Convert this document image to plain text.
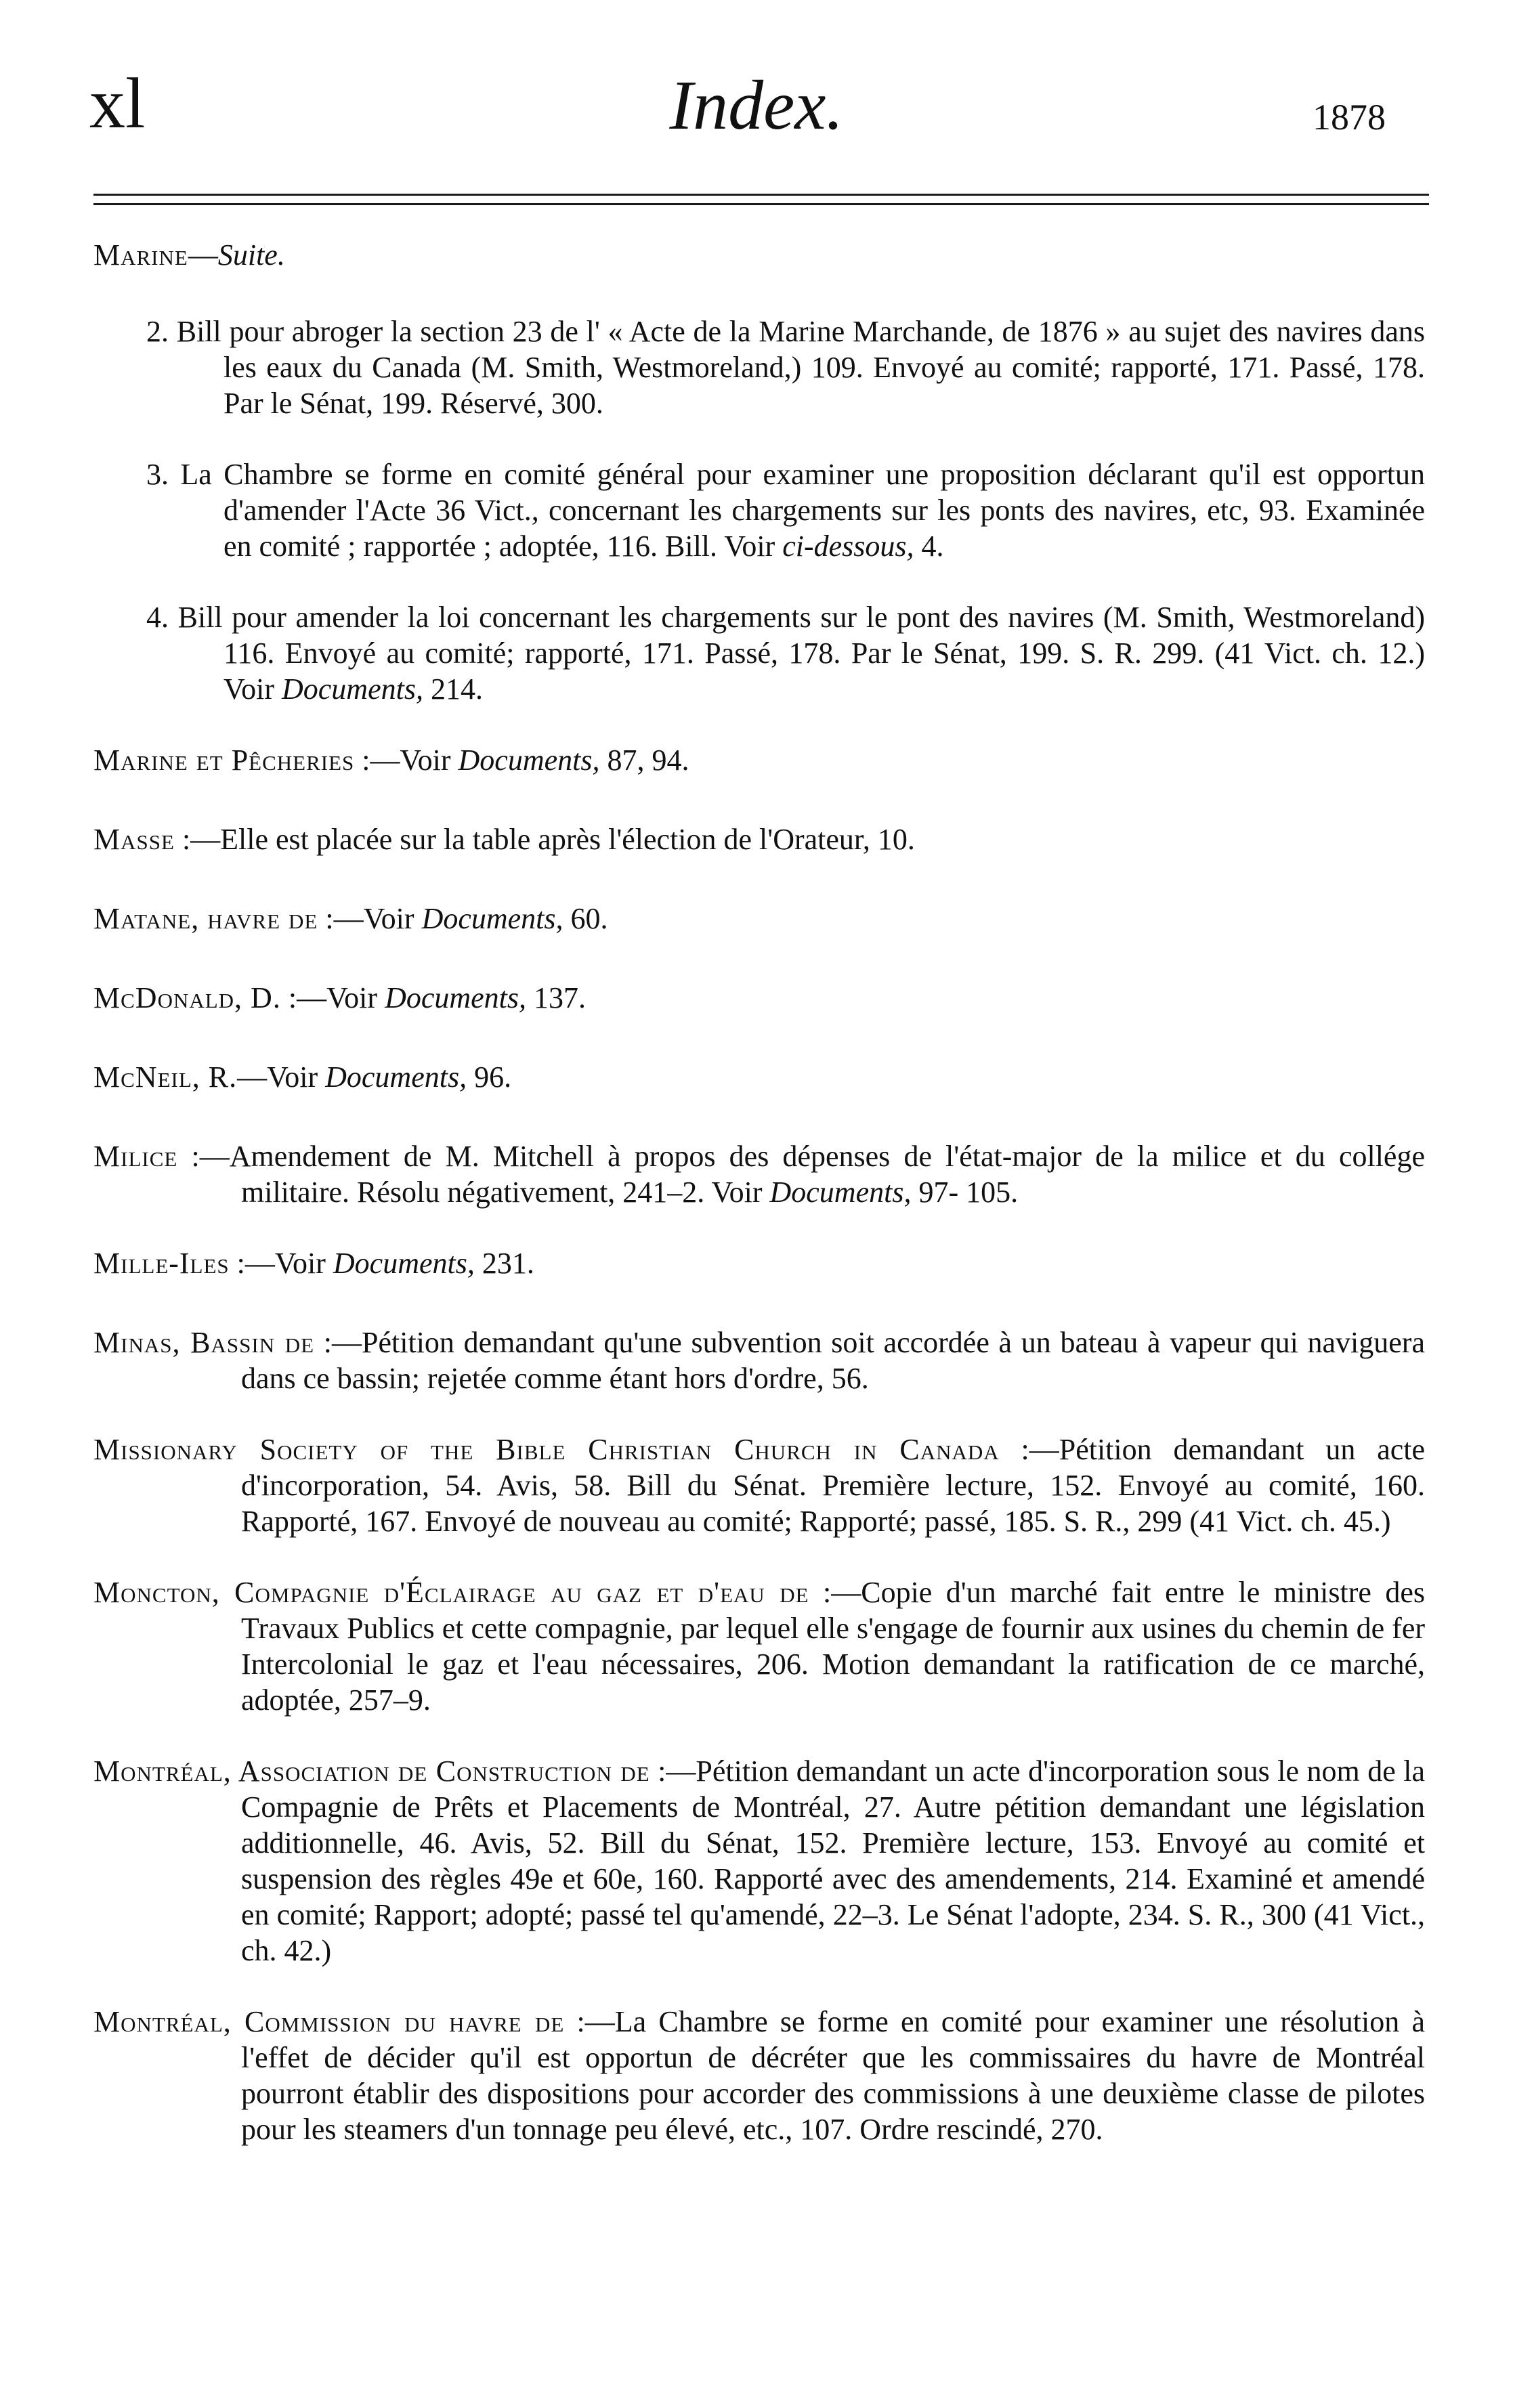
xl	Index.	1878

Marine—Suite.

2. Bill pour abroger la section 23 de l' « Acte de la Marine Marchande, de 1876 » au sujet des navires dans les eaux du Canada (M. Smith, Westmoreland,) 109. Envoyé au comité; rapporté, 171. Passé, 178. Par le Sénat, 199. Réservé, 300.

3. La Chambre se forme en comité général pour examiner une proposition déclarant qu'il est opportun d'amender l'Acte 36 Vict., concernant les chargements sur les ponts des navires, etc, 93. Examinée en comité ; rapportée ; adoptée, 116. Bill. Voir ci-dessous, 4.

4. Bill pour amender la loi concernant les chargements sur le pont des navires (M. Smith, Westmoreland) 116. Envoyé au comité; rapporté, 171. Passé, 178. Par le Sénat, 199. S. R. 299. (41 Vict. ch. 12.) Voir Documents, 214.

Marine et Pêcheries :—Voir Documents, 87, 94.

Masse :—Elle est placée sur la table après l'élection de l'Orateur, 10.

Matane, havre de :—Voir Documents, 60.

McDonald, D. :—Voir Documents, 137.

McNeil, R.—Voir Documents, 96.

Milice :—Amendement de M. Mitchell à propos des dépenses de l'état-major de la milice et du collége militaire. Résolu négativement, 241–2. Voir Documents, 97- 105.

Mille-Iles :—Voir Documents, 231.

Minas, Bassin de :—Pétition demandant qu'une subvention soit accordée à un bateau à vapeur qui naviguera dans ce bassin; rejetée comme étant hors d'ordre, 56.

Missionary Society of the Bible Christian Church in Canada :—Pétition demandant un acte d'incorporation, 54. Avis, 58. Bill du Sénat. Première lecture, 152. Envoyé au comité, 160. Rapporté, 167. Envoyé de nouveau au comité; Rapporté; passé, 185. S. R., 299 (41 Vict. ch. 45.)

Moncton, Compagnie d'Éclairage au gaz et d'eau de :—Copie d'un marché fait entre le ministre des Travaux Publics et cette compagnie, par lequel elle s'engage de fournir aux usines du chemin de fer Intercolonial le gaz et l'eau nécessaires, 206. Motion demandant la ratification de ce marché, adoptée, 257–9.

Montréal, Association de Construction de :—Pétition demandant un acte d'incorporation sous le nom de la Compagnie de Prêts et Placements de Montréal, 27. Autre pétition demandant une législation additionnelle, 46. Avis, 52. Bill du Sénat, 152. Première lecture, 153. Envoyé au comité et suspension des règles 49e et 60e, 160. Rapporté avec des amendements, 214. Examiné et amendé en comité; Rapport; adopté; passé tel qu'amendé, 22–3. Le Sénat l'adopte, 234. S. R., 300 (41 Vict., ch. 42.)

Montréal, Commission du havre de :—La Chambre se forme en comité pour examiner une résolution à l'effet de décider qu'il est opportun de décréter que les commissaires du havre de Montréal pourront établir des dispositions pour accorder des commissions à une deuxième classe de pilotes pour les steamers d'un tonnage peu élevé, etc., 107. Ordre rescindé, 270.
